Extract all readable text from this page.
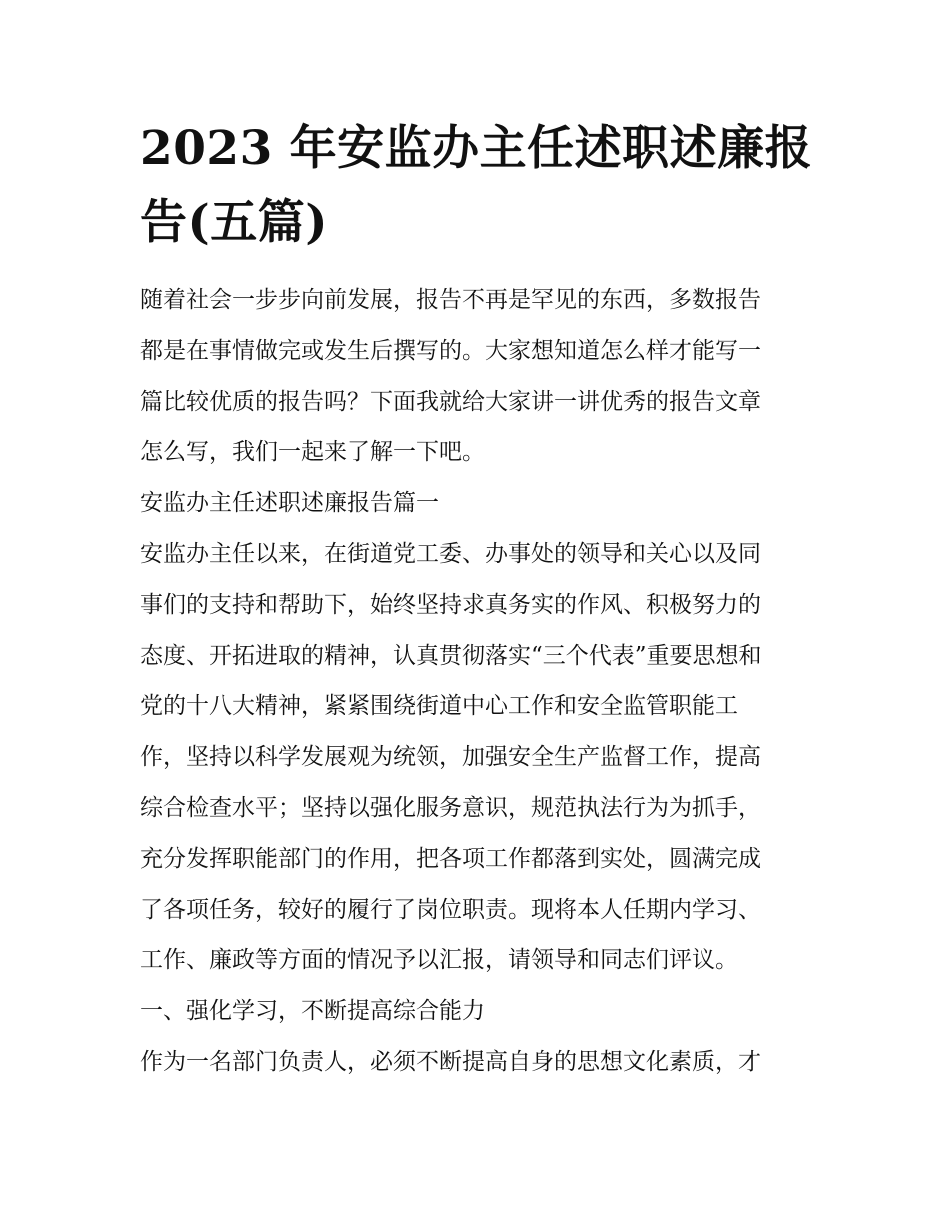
2023 年安监办主任述职述廉报
告(五篇)
随着社会一步步向前发展，报告不再是罕见的东西，多数报告
都是在事情做完或发生后撰写的。大家想知道怎么样才能写一
篇比较优质的报告吗？下面我就给大家讲一讲优秀的报告文章
怎么写，我们一起来了解一下吧。
安监办主任述职述廉报告篇一
安监办主任以来，在街道党工委、办事处的领导和关心以及同
事们的支持和帮助下，始终坚持求真务实的作风、积极努力的
态度、开拓进取的精神，认真贯彻落实“三个代表”重要思想和
党的十八大精神，紧紧围绕街道中心工作和安全监管职能工
作，坚持以科学发展观为统领，加强安全生产监督工作，提高
综合检查水平；坚持以强化服务意识，规范执法行为为抓手，
充分发挥职能部门的作用，把各项工作都落到实处，圆满完成
了各项任务，较好的履行了岗位职责。现将本人任期内学习、
工作、廉政等方面的情况予以汇报，请领导和同志们评议。
一、强化学习，不断提高综合能力
作为一名部门负责人，必须不断提高自身的思想文化素质，才
